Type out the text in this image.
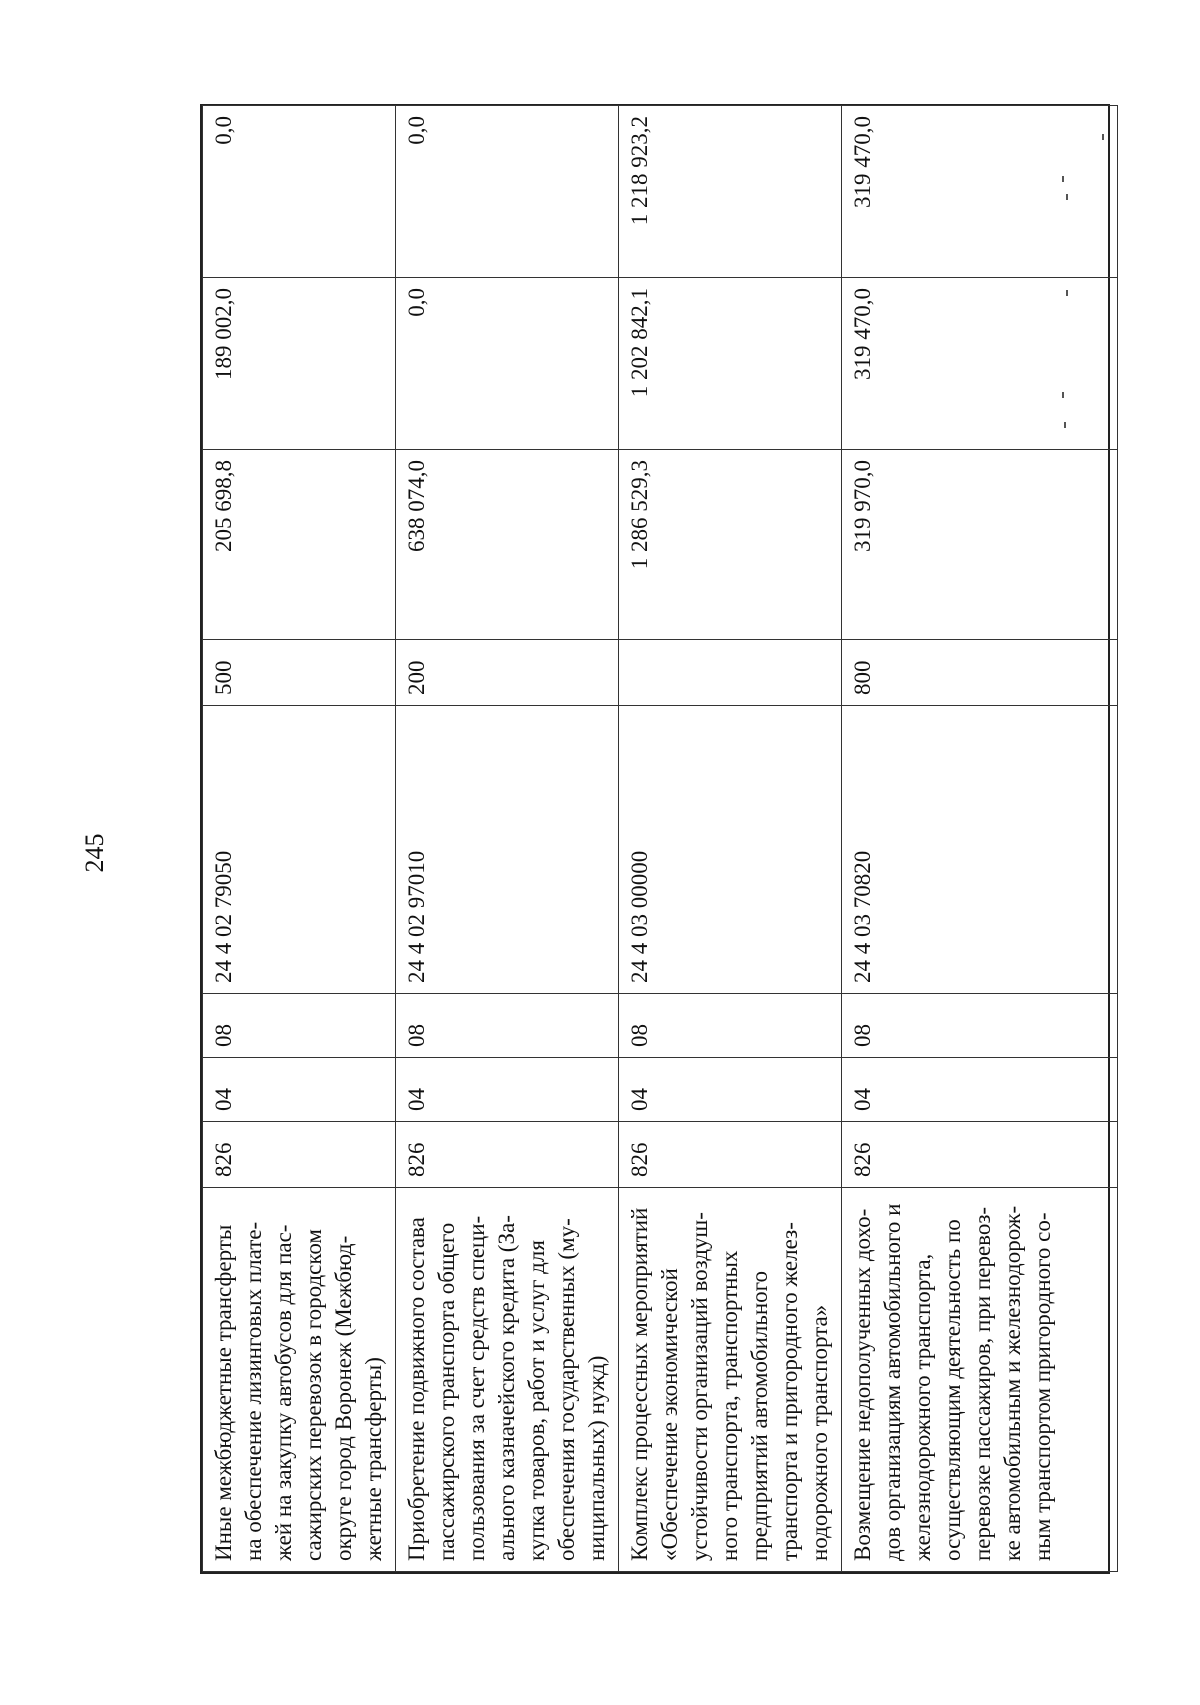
245
Иные межбюджетные трансферты на обеспечение лизинговых плате-жей на закупку автобусов для пас-сажирских перевозок в городском округе город Воронеж (Межбюд-жетные трансферты)	826	04	08	24 4 02 79050	500	205 698,8	189 002,0	0,0
Приобретение подвижного состава пассажирского транспорта общего пользования за счет средств специ-ального казначейского кредита (За-купка товаров, работ и услуг для обеспечения государственных (му-ниципальных) нужд)	826	04	08	24 4 02 97010	200	638 074,0	0,0	0,0
Комплекс процессных мероприятий «Обеспечение экономической устойчивости организаций воздуш-ного транспорта, транспортных предприятий автомобильного транспорта и пригородного желез-нодорожного транспорта»	826	04	08	24 4 03 00000		1 286 529,3	1 202 842,1	1 218 923,2
Возмещение недополученных дохо-дов организациям автомобильного и железнодорожного транспорта, осуществляющим деятельность по перевозке пассажиров, при перевоз-ке автомобильным и железнодорож-ным транспортом пригородного со-	826	04	08	24 4 03 70820	800	319 970,0	319 470,0	319 470,0
